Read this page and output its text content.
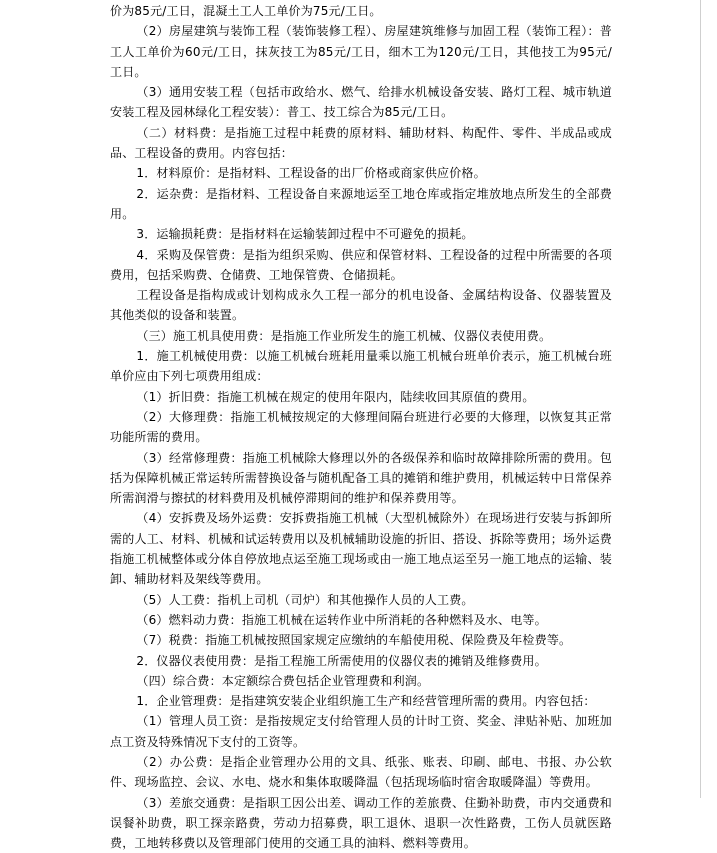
价为85元/工日，混凝土工人工单价为75元/工日。

（2）房屋建筑与装饰工程（装饰装修工程）、房屋建筑维修与加固工程（装饰工程）：普工人工单价为60元/工日，抹灰技工为85元/工日，细木工为120元/工日，其他技工为95元/工日。

（3）通用安装工程（包括市政给水、燃气、给排水机械设备安装、路灯工程、城市轨道安装工程及园林绿化工程安装）：普工、技工综合为85元/工日。

（二）材料费：是指施工过程中耗费的原材料、辅助材料、构配件、零件、半成品或成品、工程设备的费用。内容包括：

1．材料原价：是指材料、工程设备的出厂价格或商家供应价格。

2．运杂费：是指材料、工程设备自来源地运至工地仓库或指定堆放地点所发生的全部费用。

3．运输损耗费：是指材料在运输装卸过程中不可避免的损耗。

4．采购及保管费：是指为组织采购、供应和保管材料、工程设备的过程中所需要的各项费用，包括采购费、仓储费、工地保管费、仓储损耗。

工程设备是指构成或计划构成永久工程一部分的机电设备、金属结构设备、仪器装置及其他类似的设备和装置。

（三）施工机具使用费：是指施工作业所发生的施工机械、仪器仪表使用费。

1．施工机械使用费：以施工机械台班耗用量乘以施工机械台班单价表示，施工机械台班单价应由下列七项费用组成：

（1）折旧费：指施工机械在规定的使用年限内，陆续收回其原值的费用。

（2）大修理费：指施工机械按规定的大修理间隔台班进行必要的大修理，以恢复其正常功能所需的费用。

（3）经常修理费：指施工机械除大修理以外的各级保养和临时故障排除所需的费用。包括为保障机械正常运转所需替换设备与随机配备工具的摊销和维护费用，机械运转中日常保养所需润滑与擦拭的材料费用及机械停滞期间的维护和保养费用等。

（4）安拆费及场外运费：安拆费指施工机械（大型机械除外）在现场进行安装与拆卸所需的人工、材料、机械和试运转费用以及机械辅助设施的折旧、搭设、拆除等费用；场外运费指施工机械整体或分体自停放地点运至施工现场或由一施工地点运至另一施工地点的运输、装卸、辅助材料及架线等费用。

（5）人工费：指机上司机（司炉）和其他操作人员的人工费。

（6）燃料动力费：指施工机械在运转作业中所消耗的各种燃料及水、电等。

（7）税费：指施工机械按照国家规定应缴纳的车船使用税、保险费及年检费等。

2．仪器仪表使用费：是指工程施工所需使用的仪器仪表的摊销及维修费用。

（四）综合费：本定额综合费包括企业管理费和利润。

1．企业管理费：是指建筑安装企业组织施工生产和经营管理所需的费用。内容包括：

（1）管理人员工资：是指按规定支付给管理人员的计时工资、奖金、津贴补贴、加班加点工资及特殊情况下支付的工资等。

（2）办公费：是指企业管理办公用的文具、纸张、账表、印刷、邮电、书报、办公软件、现场监控、会议、水电、烧水和集体取暖降温（包括现场临时宿舍取暖降温）等费用。

（3）差旅交通费：是指职工因公出差、调动工作的差旅费、住勤补助费，市内交通费和误餐补助费，职工探亲路费，劳动力招募费，职工退休、退职一次性路费，工伤人员就医路费，工地转移费以及管理部门使用的交通工具的油料、燃料等费用。
